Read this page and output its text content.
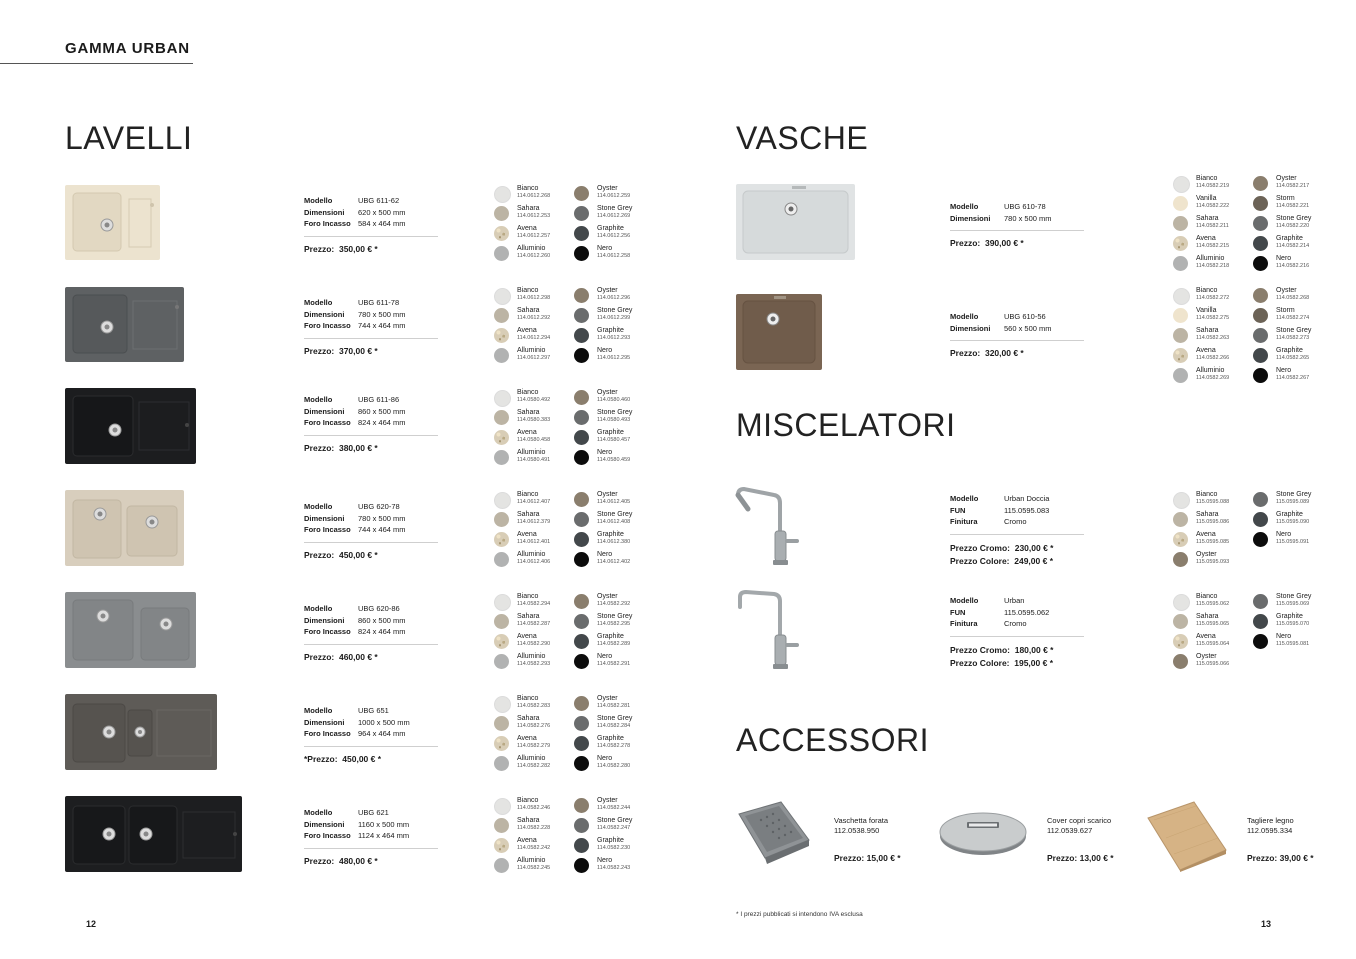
GAMMA URBAN
LAVELLI	VASCHE
MISCELATORI
ACCESSORI
Modello	UBG 611-62
Dimensioni	620 x 500 mm
Foro Incasso 584 x 464 mm
Prezzo: 350,00 € *
Modello	UBG 611-78
Dimensioni	780 x 500 mm
Foro Incasso 744 x 464 mm
Prezzo: 370,00 € *
Modello	UBG 611-86
Dimensioni	860 x 500 mm
Foro Incasso 824 x 464 mm
Prezzo: 380,00 € *
Modello	UBG 620-78
Dimensioni	780 x 500 mm
Foro Incasso 744 x 464 mm
Prezzo: 450,00 € *
Modello	UBG 620-86
Dimensioni	860 x 500 mm
Foro Incasso 824 x 464 mm
Prezzo: 460,00 € *
Modello	UBG 651
Dimensioni	1000 x 500 mm
Foro Incasso 964 x 464 mm
*Prezzo: 450,00 € *
Modello	UBG 621
Dimensioni	1160 x 500 mm
Foro Incasso 1124 x 464 mm
Prezzo: 480,00 € *
Bianco
114.0612.268
Sahara
114.0612.253
Avena
114.0612.257
Alluminio
114.0612.260
Oyster
114.0612.259
Stone Grey
114.0612.269
Graphite
114.0612.256
Nero
114.0612.258
Bianco
114.0612.298
Sahara
114.0612.292
Avena
114.0612.294
Alluminio
114.0612.297
Oyster
114.0612.296
Stone Grey
114.0612.299
Graphite
114.0612.293
Nero
114.0612.295
Bianco
114.0580.492
Sahara
114.0580.383
Avena
114.0580.458
Alluminio
114.0580.491
Oyster
114.0580.460
Stone Grey
114.0580.493
Graphite
114.0580.457
Nero
114.0580.459
Bianco
114.0612.407
Sahara
114.0612.379
Avena
114.0612.401
Alluminio
114.0612.406
Oyster
114.0612.405
Stone Grey
114.0612.408
Graphite
114.0612.380
Nero
114.0612.402
Bianco
114.0582.294
Sahara
114.0582.287
Avena
114.0582.290
Alluminio
114.0582.293
Oyster
114.0582.292
Stone Grey
114.0582.295
Graphite
114.0582.289
Nero
114.0582.291
Bianco
114.0582.283
Sahara
114.0582.276
Avena
114.0582.279
Alluminio
114.0582.282
Oyster
114.0582.281
Stone Grey
114.0582.284
Graphite
114.0582.278
Nero
114.0582.280
Bianco
114.0582.246
Sahara
114.0582.228
Avena
114.0582.242
Alluminio
114.0582.245
Oyster
114.0582.244
Stone Grey
114.0582.247
Graphite
114.0582.230
Nero
114.0582.243
Modello	UBG 610-78
Dimensioni	780 x 500 mm
Prezzo: 390,00 € *
Modello	UBG 610-56
Dimensioni	560 x 500 mm
Prezzo: 320,00 € *
Bianco
114.0582.219
Vanilla
114.0582.222
Sahara
114.0582.211
Avena
114.0582.215
Alluminio
114.0582.218
Oyster
114.0582.217
Storm
114.0582.221
Stone Grey
114.0582.220
Graphite
114.0582.214
Nero
114.0582.216
Bianco
114.0582.272
Vanilla
114.0582.275
Sahara
114.0582.263
Avena
114.0582.266
Alluminio
114.0582.269
Oyster
114.0582.268
Storm
114.0582.274
Stone Grey
114.0582.273
Graphite
114.0582.265
Nero
114.0582.267
Modello	Urban Doccia
FUN	115.0595.083
Finitura	Cromo
Prezzo Cromo: 230,00 € *
Prezzo Colore: 249,00 € *
Modello	Urban
FUN	115.0595.062
Finitura	Cromo
Prezzo Cromo: 180,00 € *
Prezzo Colore: 195,00 € *
Bianco
115.0595.088
Sahara
115.0595.086
Avena
115.0595.085
Oyster
115.0595.093
Stone Grey
115.0595.089
Graphite
115.0595.090
Nero
115.0595.091
Bianco
115.0595.062
Sahara
115.0595.065
Avena
115.0595.064
Oyster
115.0595.066
Stone Grey
115.0595.069
Graphite
115.0595.070
Nero
115.0595.081
Vaschetta forata
112.0538.950
Prezzo: 15,00 € *
Cover copri scarico
112.0539.627
Prezzo: 13,00 € *
Tagliere legno
112.0595.334
Prezzo: 39,00 € *
* I prezzi pubblicati si intendono IVA esclusa
12	13
